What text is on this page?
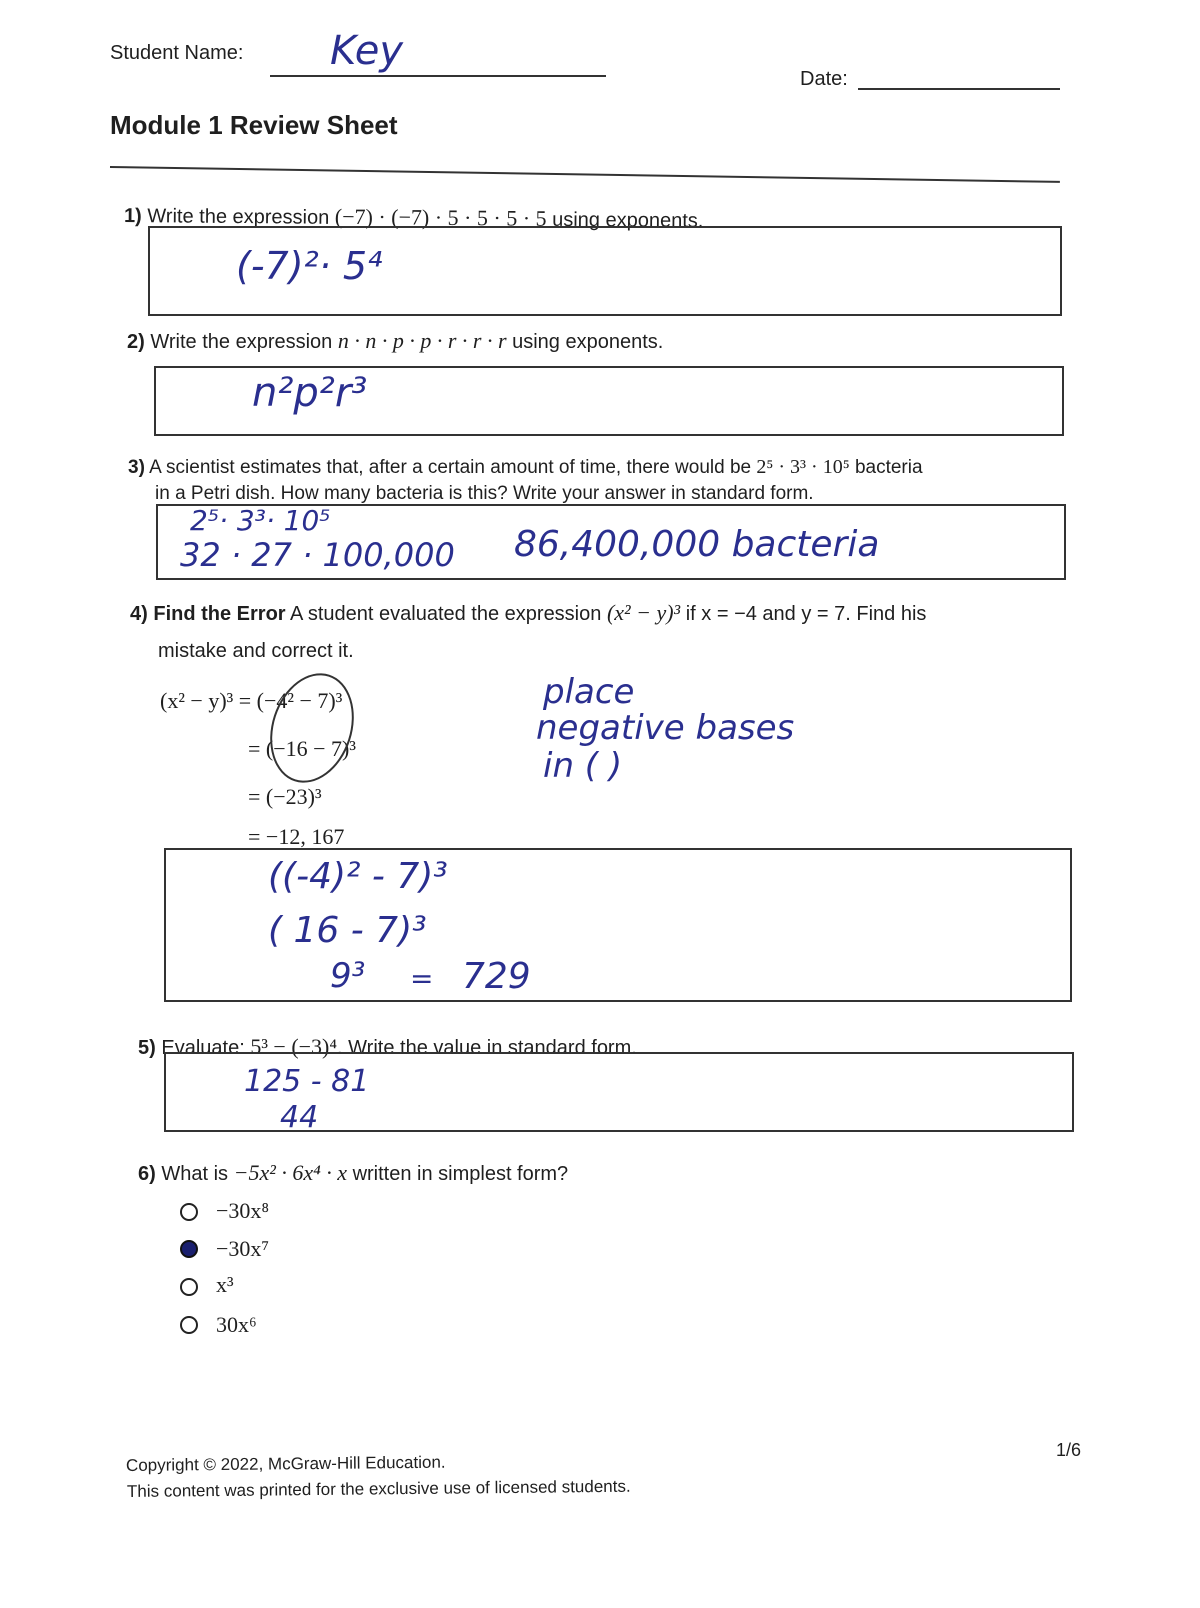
Student Name: Key
Date:
Module 1 Review Sheet
1) Write the expression (−7) · (−7) · 5 · 5 · 5 · 5 using exponents.
(-7)²· 5⁴
2) Write the expression n · n · p · p · r · r · r using exponents.
n²p²r³
3) A scientist estimates that, after a certain amount of time, there would be 2⁵ · 3³ · 10⁵ bacteria
in a Petri dish. How many bacteria is this? Write your answer in standard form.
2⁵· 3³· 10⁵
32 · 27 · 100,000 86,400,000 bacteria
4) Find the Error A student evaluated the expression (x² − y)³ if x = −4 and y = 7. Find his
mistake and correct it.
(x² − y)³ = (−4² − 7)³
= (−16 − 7)³
= (−23)³
= −12, 167
place
negative bases
in ( )
((-4)² - 7)³
( 16 - 7)³
9³ = 729
5) Evaluate: 5³ − (−3)⁴. Write the value in standard form.
125 - 81
44
6) What is −5x² · 6x⁴ · x written in simplest form?
−30x⁸
−30x⁷
x³
30x⁶
Copyright © 2022, McGraw-Hill Education.
This content was printed for the exclusive use of licensed students.
1/6
